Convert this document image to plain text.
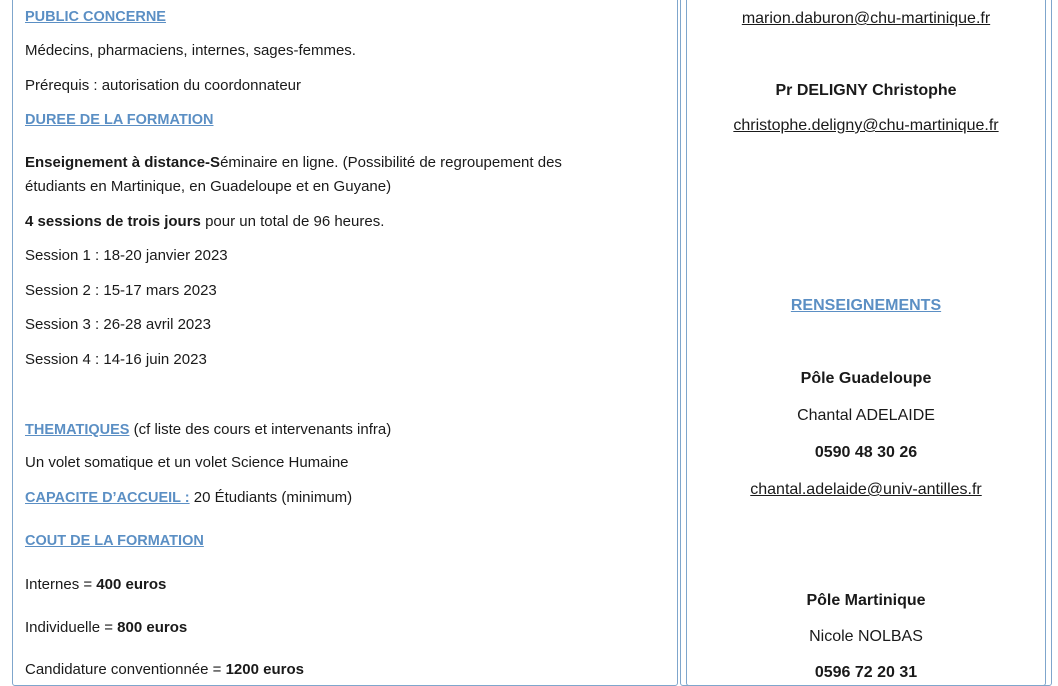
PUBLIC CONCERNE
Médecins, pharmaciens, internes, sages-femmes.
Prérequis : autorisation du coordonnateur
DUREE DE LA FORMATION
Enseignement à distance-Séminaire en ligne. (Possibilité de regroupement des
étudiants en Martinique, en Guadeloupe et en Guyane)
4 sessions de trois jours pour un total de 96 heures.
Session 1 : 18-20 janvier 2023
Session 2 : 15-17 mars 2023
Session 3 : 26-28 avril 2023
Session 4 : 14-16 juin 2023
THEMATIQUES (cf liste des cours et intervenants infra)
Un volet somatique et un volet Science Humaine
CAPACITE D’ACCUEIL : 20 Étudiants (minimum)
COUT DE LA FORMATION
Internes = 400 euros
Individuelle = 800 euros
Candidature conventionnée = 1200 euros
marion.daburon@chu-martinique.fr
Pr DELIGNY Christophe
christophe.deligny@chu-martinique.fr
RENSEIGNEMENTS
Pôle Guadeloupe
Chantal ADELAIDE
0590 48 30 26
chantal.adelaide@univ-antilles.fr
Pôle Martinique
Nicole NOLBAS
0596 72 20 31
